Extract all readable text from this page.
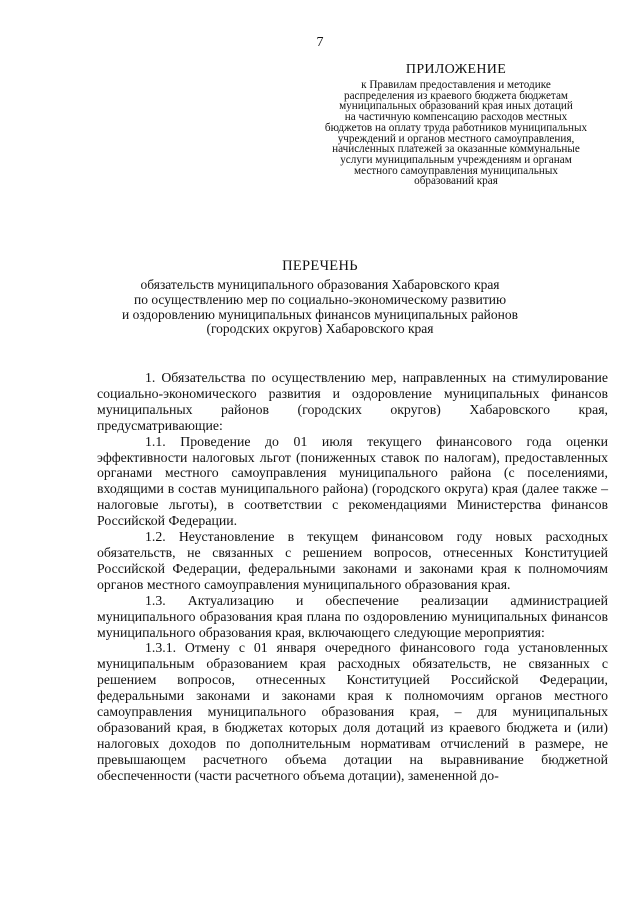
7
ПРИЛОЖЕНИЕ
к Правилам предоставления и методике
распределения из краевого бюджета бюджетам
муниципальных образований края иных дотаций
на частичную компенсацию расходов местных
бюджетов на оплату труда работников муниципальных
учреждений и органов местного самоуправления,
начисленных платежей за оказанные коммунальные
услуги муниципальным учреждениям и органам
местного самоуправления муниципальных
образований края
ПЕРЕЧЕНЬ
обязательств муниципального образования Хабаровского края
по осуществлению мер по социально-экономическому развитию
и оздоровлению муниципальных финансов муниципальных районов
(городских округов) Хабаровского края

1. Обязательства по осуществлению мер, направленных на стимулирование социально-экономического развития и оздоровление муниципальных финансов муниципальных районов (городских округов) Хабаровского края, предусматривающие:

1.1. Проведение до 01 июля текущего финансового года оценки эффективности налоговых льгот (пониженных ставок по налогам), предоставленных органами местного самоуправления муниципального района (с поселениями, входящими в состав муниципального района) (городского округа) края (далее также – налоговые льготы), в соответствии с рекомендациями Министерства финансов Российской Федерации.

1.2. Неустановление в текущем финансовом году новых расходных обязательств, не связанных с решением вопросов, отнесенных Конституцией Российской Федерации, федеральными законами и законами края к полномочиям органов местного самоуправления муниципального образования края.

1.3. Актуализацию и обеспечение реализации администрацией муниципального образования края плана по оздоровлению муниципальных финансов муниципального образования края, включающего следующие мероприятия:

1.3.1. Отмену с 01 января очередного финансового года установленных муниципальным образованием края расходных обязательств, не связанных с решением вопросов, отнесенных Конституцией Российской Федерации, федеральными законами и законами края к полномочиям органов местного самоуправления муниципального образования края, – для муниципальных образований края, в бюджетах которых доля дотаций из краевого бюджета и (или) налоговых доходов по дополнительным нормативам отчислений в размере, не превышающем расчетного объема дотации на выравнивание бюджетной обеспеченности (части расчетного объема дотации), замененной до-
